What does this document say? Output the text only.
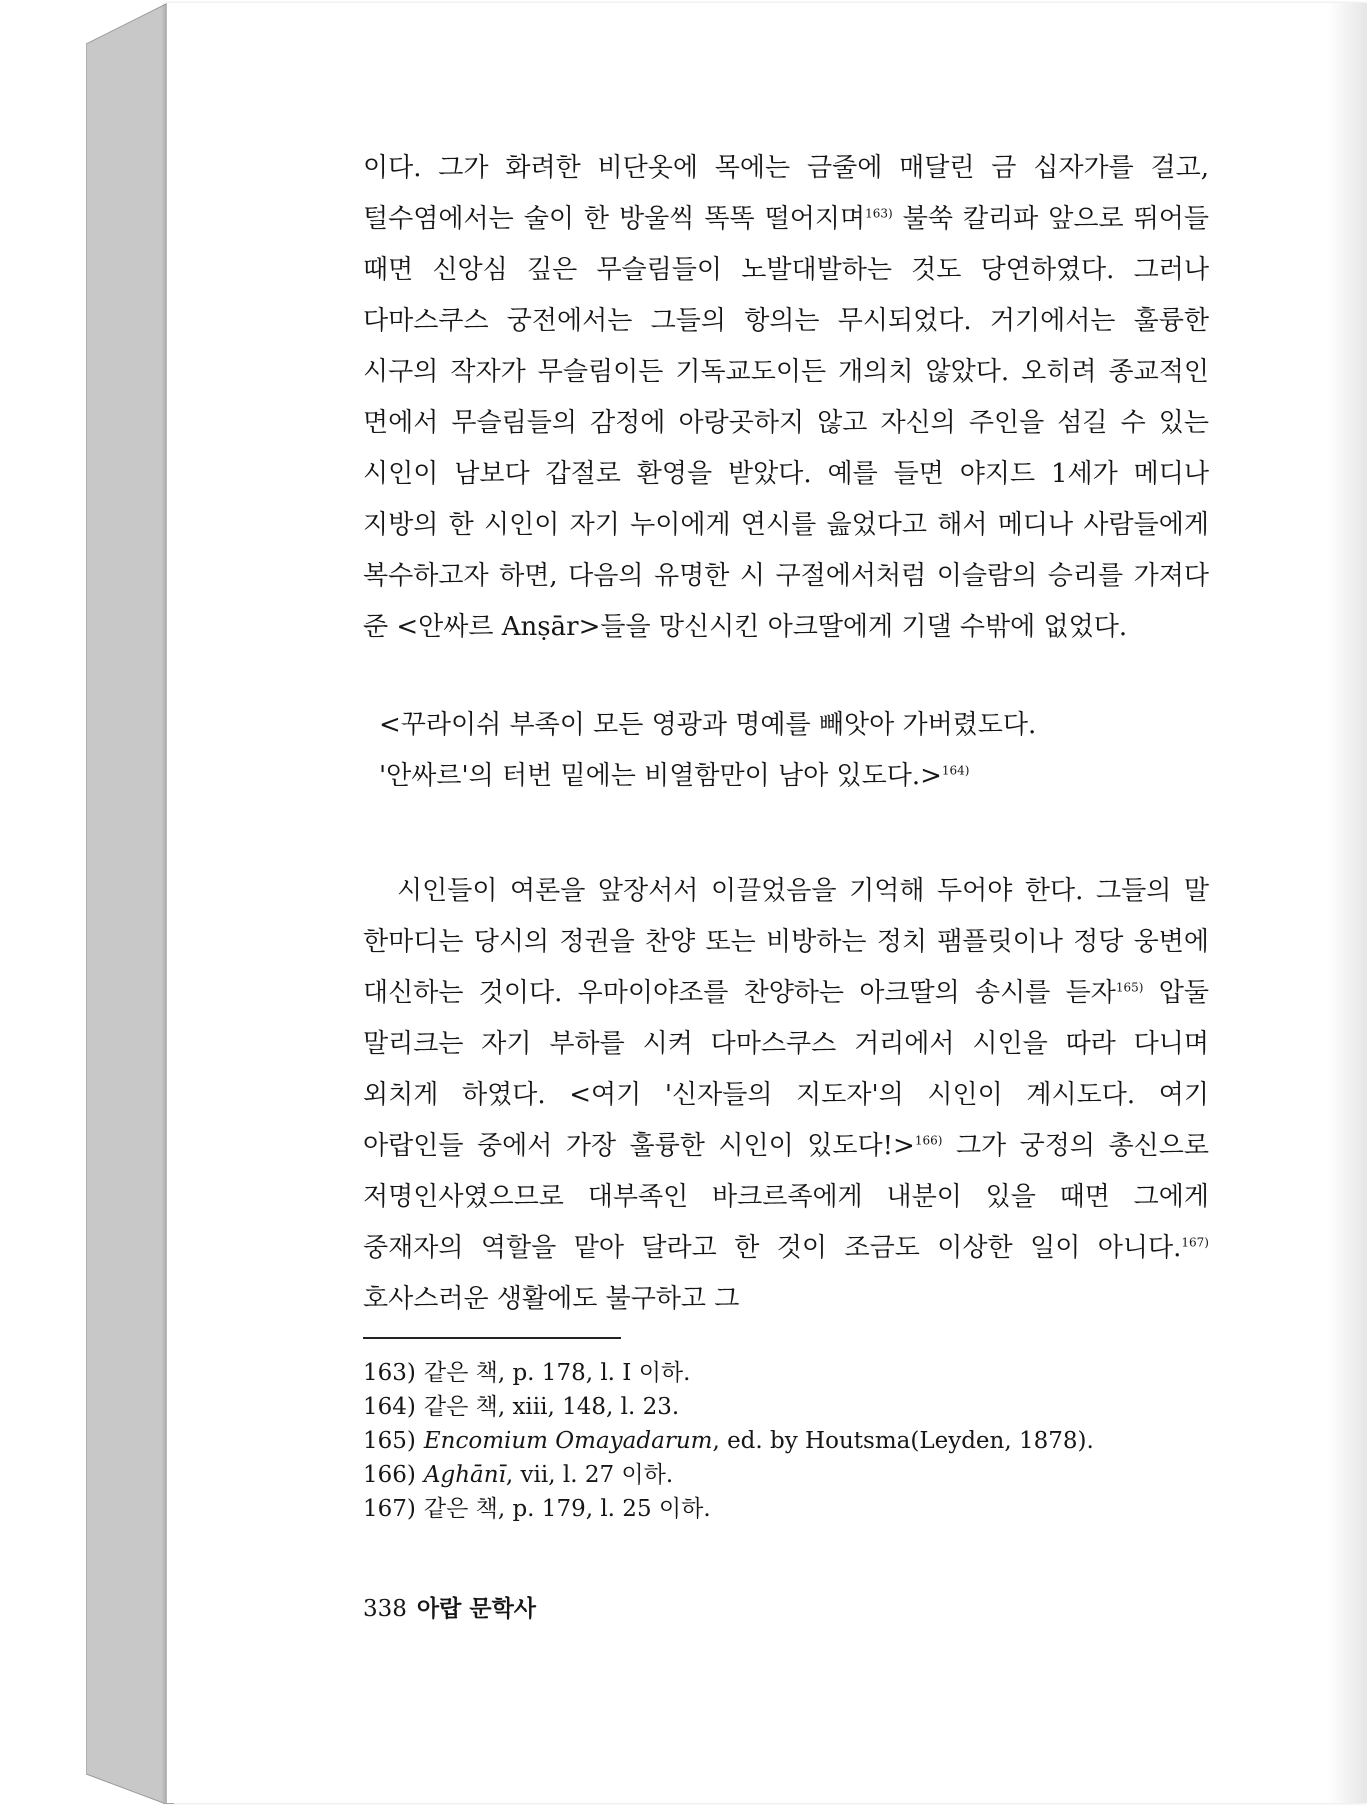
이다. 그가 화려한 비단옷에 목에는 금줄에 매달린 금 십자가를 걸고, 털수염에서는 술이 한 방울씩 똑똑 떨어지며$^{163)}$ 불쑥 칼리파 앞으로 뛰어들 때면 신앙심 깊은 무슬림들이 노발대발하는 것도 당연하였다. 그러나 다마스쿠스 궁전에서는 그들의 항의는 무시되었다. 거기에서는 훌륭한 시구의 작자가 무슬림이든 기독교도이든 개의치 않았다. 오히려 종교적인 면에서 무슬림들의 감정에 아랑곳하지 않고 자신의 주인을 섬길 수 있는 시인이 남보다 갑절로 환영을 받았다. 예를 들면 야지드 1세가 메디나 지방의 한 시인이 자기 누이에게 연시를 읊었다고 해서 메디나 사람들에게 복수하고자 하면, 다음의 유명한 시 구절에서처럼 이슬람의 승리를 가져다 준 <안싸르 Anṣār>들을 망신시킨 아크딸에게 기댈 수밖에 없었다.

<꾸라이쉬 부족이 모든 영광과 명예를 빼앗아 가버렸도다.
'안싸르'의 터번 밑에는 비열함만이 남아 있도다.>$^{164)}$

시인들이 여론을 앞장서서 이끌었음을 기억해 두어야 한다. 그들의 말 한마디는 당시의 정권을 찬양 또는 비방하는 정치 팸플릿이나 정당 웅변에 대신하는 것이다. 우마이야조를 찬양하는 아크딸의 송시를 듣자$^{165)}$ 압둘 말리크는 자기 부하를 시켜 다마스쿠스 거리에서 시인을 따라 다니며 외치게 하였다. <여기 '신자들의 지도자'의 시인이 계시도다. 여기 아랍인들 중에서 가장 훌륭한 시인이 있도다!>$^{166)}$ 그가 궁정의 총신으로 저명인사였으므로 대부족인 바크르족에게 내분이 있을 때면 그에게 중재자의 역할을 맡아 달라고 한 것이 조금도 이상한 일이 아니다.$^{167)}$ 호사스러운 생활에도 불구하고 그

163) 같은 책, p. 178, l. I 이하.
164) 같은 책, xiii, 148, l. 23.
165) Encomium Omayadarum, ed. by Houtsma(Leyden, 1878).
166) Aghānī, vii, l. 27 이하.
167) 같은 책, p. 179, l. 25 이하.
338 아랍 문학사
